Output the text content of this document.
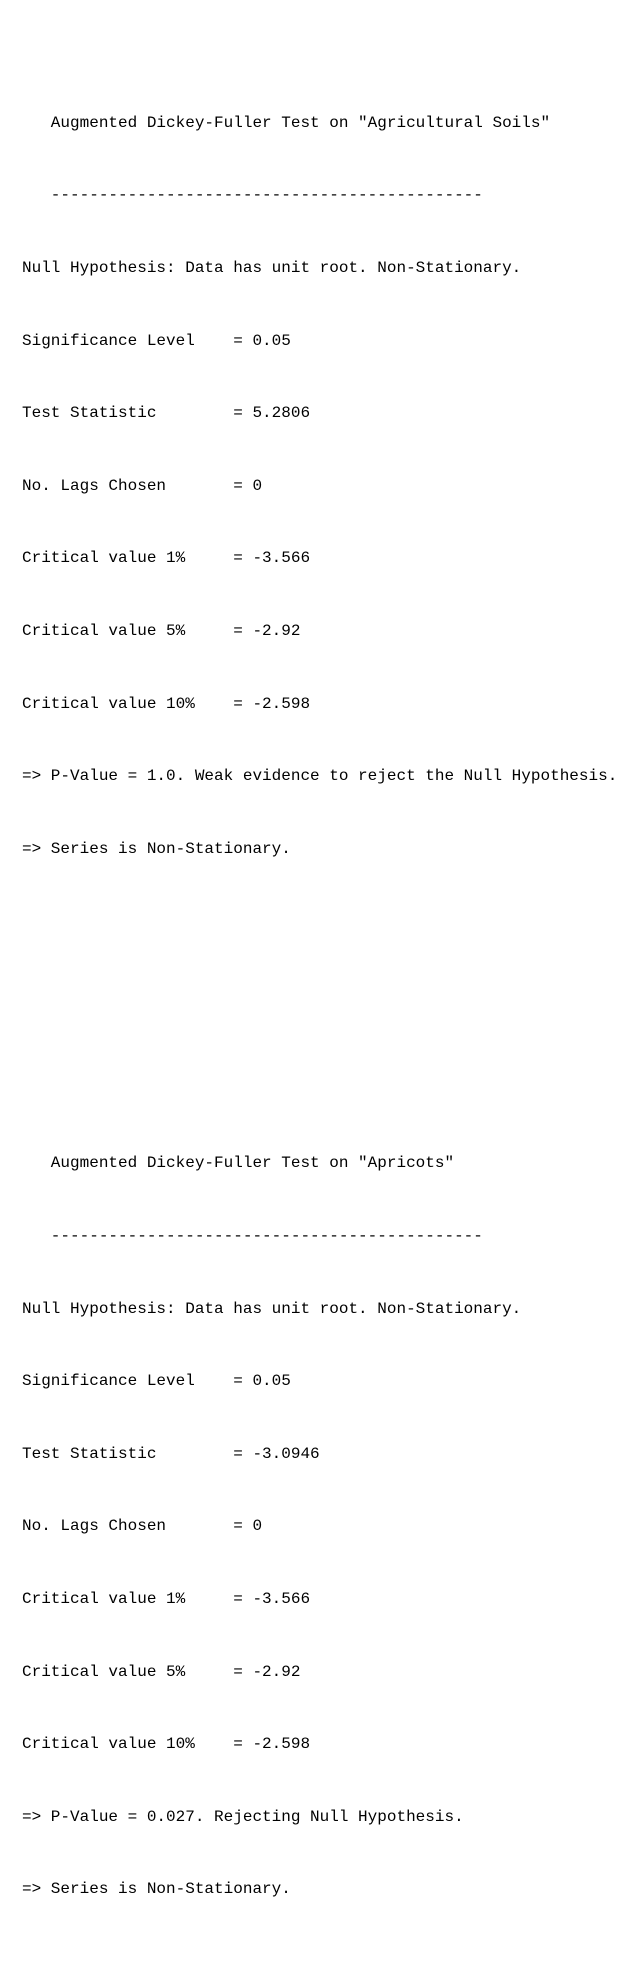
Augmented Dickey-Fuller Test on "Agricultural Soils"

---------------------------------------------

Null Hypothesis: Data has unit root. Non-Stationary.

Significance Level    = 0.05

Test Statistic        = 5.2806

No. Lags Chosen       = 0

Critical value 1%     = -3.566

Critical value 5%     = -2.92

Critical value 10%    = -2.598

=> P-Value = 1.0. Weak evidence to reject the Null Hypothesis.

=> Series is Non-Stationary.

Augmented Dickey-Fuller Test on "Apricots"

---------------------------------------------

Null Hypothesis: Data has unit root. Non-Stationary.

Significance Level    = 0.05

Test Statistic        = -3.0946

No. Lags Chosen       = 0

Critical value 1%     = -3.566

Critical value 5%     = -2.92

Critical value 10%    = -2.598

=> P-Value = 0.027. Rejecting Null Hypothesis.

=> Series is Non-Stationary.
